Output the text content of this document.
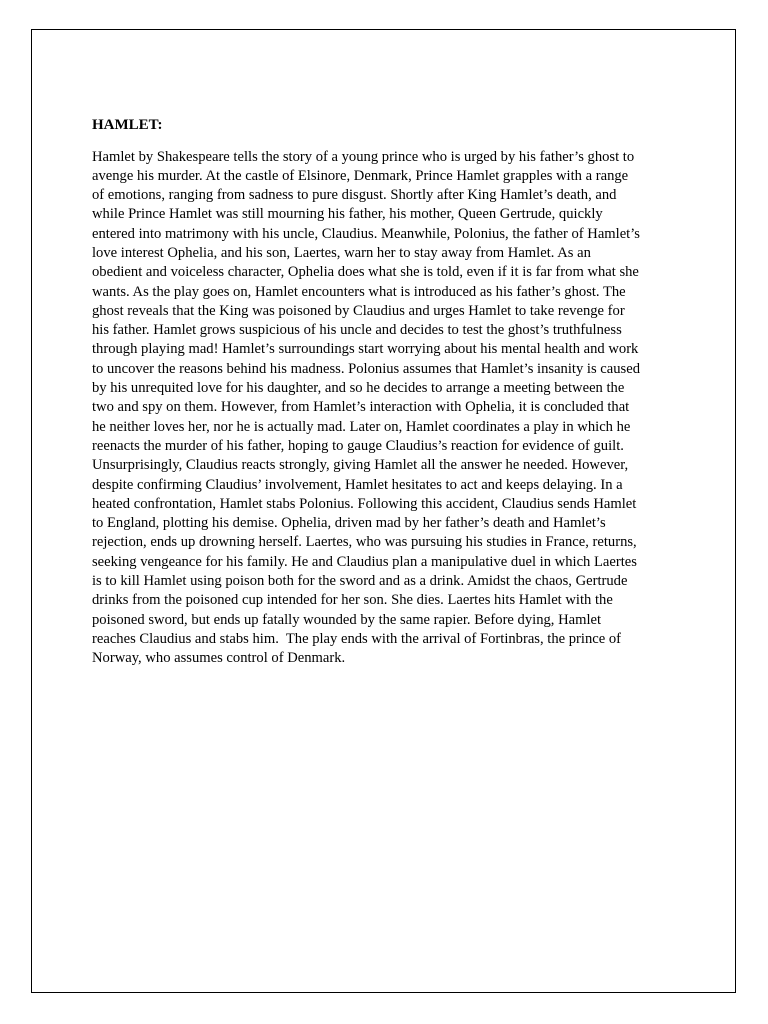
HAMLET:

Hamlet by Shakespeare tells the story of a young prince who is urged by his father’s ghost to
avenge his murder. At the castle of Elsinore, Denmark, Prince Hamlet grapples with a range
of emotions, ranging from sadness to pure disgust. Shortly after King Hamlet’s death, and
while Prince Hamlet was still mourning his father, his mother, Queen Gertrude, quickly
entered into matrimony with his uncle, Claudius. Meanwhile, Polonius, the father of Hamlet’s
love interest Ophelia, and his son, Laertes, warn her to stay away from Hamlet. As an
obedient and voiceless character, Ophelia does what she is told, even if it is far from what she
wants. As the play goes on, Hamlet encounters what is introduced as his father’s ghost. The
ghost reveals that the King was poisoned by Claudius and urges Hamlet to take revenge for
his father. Hamlet grows suspicious of his uncle and decides to test the ghost’s truthfulness
through playing mad! Hamlet’s surroundings start worrying about his mental health and work
to uncover the reasons behind his madness. Polonius assumes that Hamlet’s insanity is caused
by his unrequited love for his daughter, and so he decides to arrange a meeting between the
two and spy on them. However, from Hamlet’s interaction with Ophelia, it is concluded that
he neither loves her, nor he is actually mad. Later on, Hamlet coordinates a play in which he
reenacts the murder of his father, hoping to gauge Claudius’s reaction for evidence of guilt.
Unsurprisingly, Claudius reacts strongly, giving Hamlet all the answer he needed. However,
despite confirming Claudius’ involvement, Hamlet hesitates to act and keeps delaying. In a
heated confrontation, Hamlet stabs Polonius. Following this accident, Claudius sends Hamlet
to England, plotting his demise. Ophelia, driven mad by her father’s death and Hamlet’s
rejection, ends up drowning herself. Laertes, who was pursuing his studies in France, returns,
seeking vengeance for his family. He and Claudius plan a manipulative duel in which Laertes
is to kill Hamlet using poison both for the sword and as a drink. Amidst the chaos, Gertrude
drinks from the poisoned cup intended for her son. She dies. Laertes hits Hamlet with the
poisoned sword, but ends up fatally wounded by the same rapier. Before dying, Hamlet
reaches Claudius and stabs him.  The play ends with the arrival of Fortinbras, the prince of
Norway, who assumes control of Denmark.
